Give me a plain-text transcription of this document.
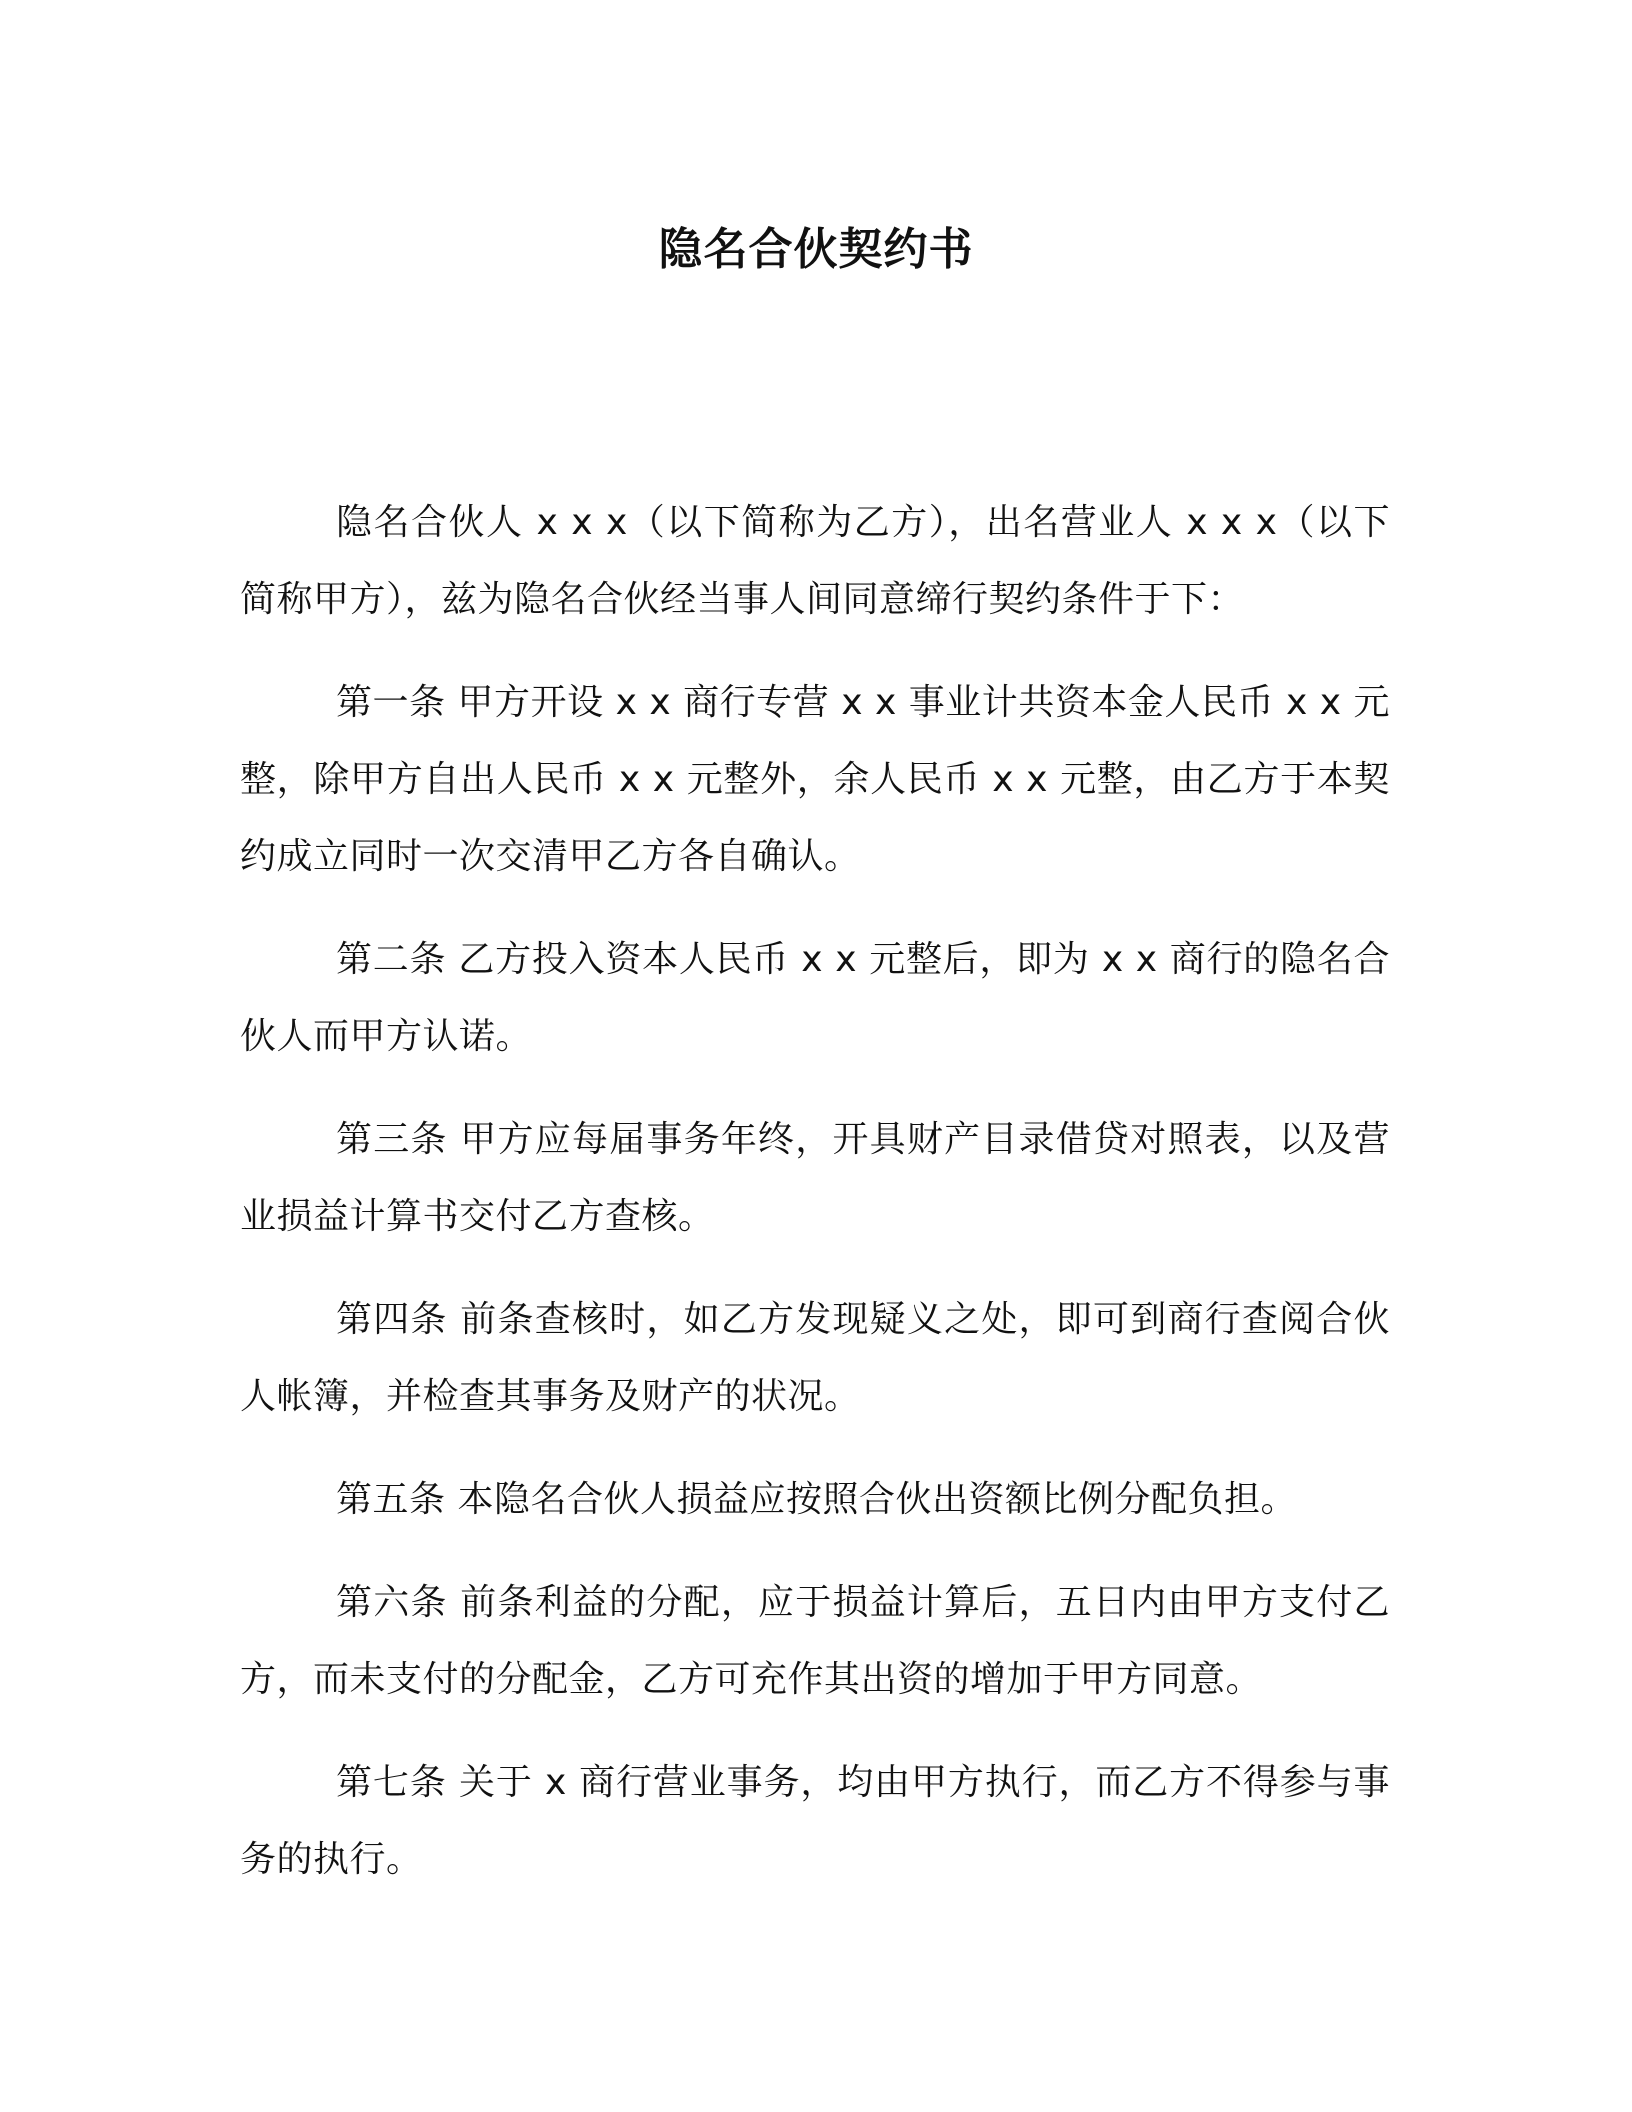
隐名合伙契约书

隐名合伙人 x x x（以下简称为乙方），出名营业人 x x x（以下简称甲方），兹为隐名合伙经当事人间同意缔行契约条件于下：

第一条 甲方开设 x x 商行专营 x x 事业计共资本金人民币 x x 元整，除甲方自出人民币 x x 元整外，余人民币 x x 元整，由乙方于本契约成立同时一次交清甲乙方各自确认。

第二条 乙方投入资本人民币 x x 元整后，即为 x x 商行的隐名合伙人而甲方认诺。

第三条 甲方应每届事务年终，开具财产目录借贷对照表，以及营业损益计算书交付乙方查核。

第四条 前条查核时，如乙方发现疑义之处，即可到商行查阅合伙人帐簿，并检查其事务及财产的状况。

第五条 本隐名合伙人损益应按照合伙出资额比例分配负担。

第六条 前条利益的分配，应于损益计算后，五日内由甲方支付乙方，而未支付的分配金，乙方可充作其出资的增加于甲方同意。

第七条 关于 x 商行营业事务，均由甲方执行，而乙方不得参与事务的执行。
